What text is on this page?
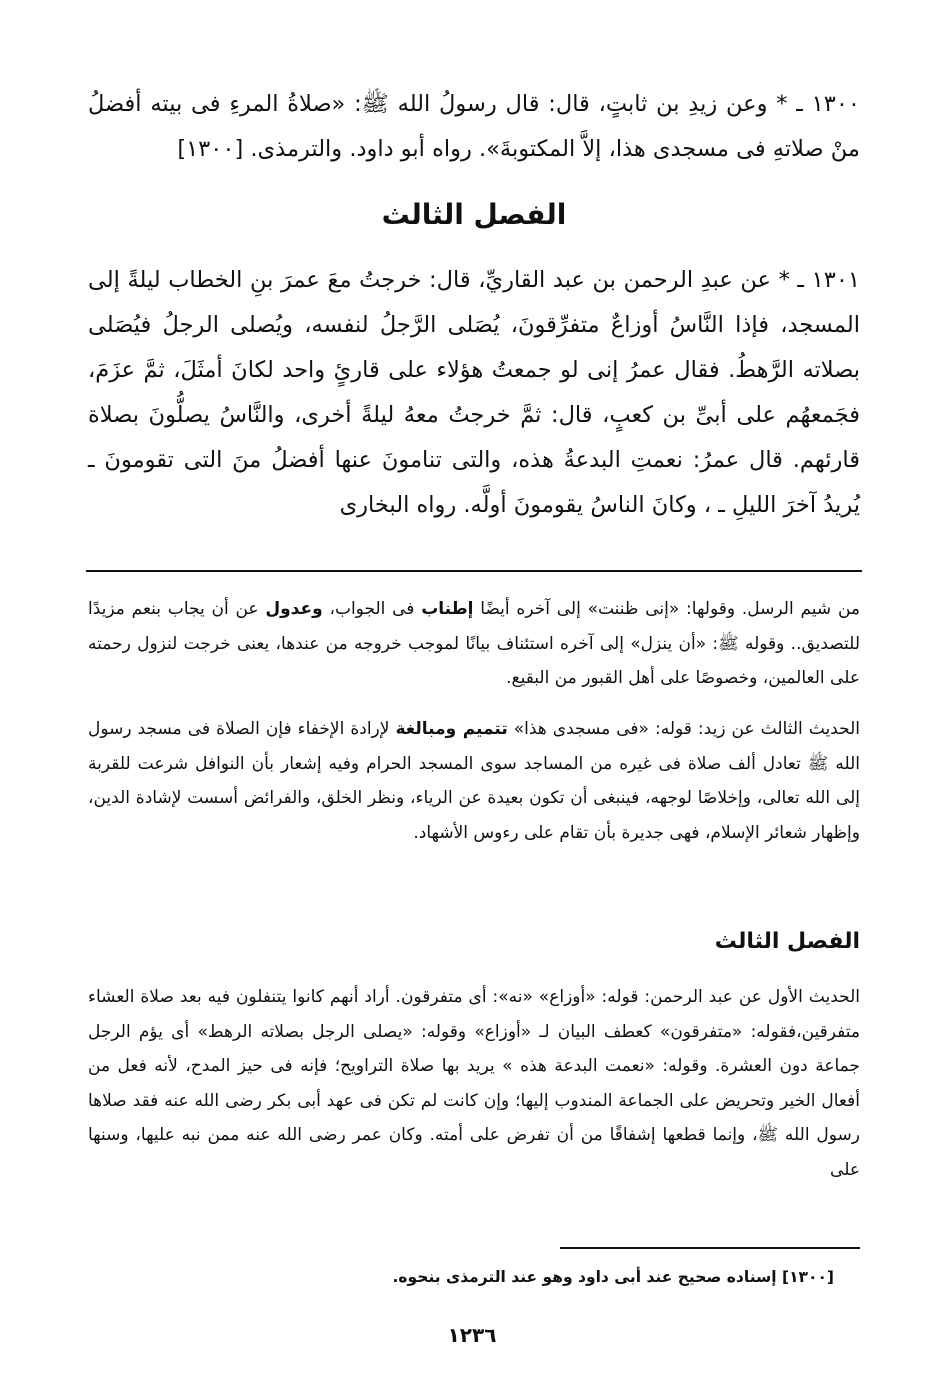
١٣٠٠ ـ * وعن زيدِ بن ثابتٍ، قال: قال رسولُ الله ﷺ: «صلاةُ المرءِ فى بيته أفضلُ منْ صلاتهِ فى مسجدى هذا، إلاَّ المكتوبةَ». رواه أبو داود. والترمذى. [١٣٠٠]

الفصل الثالث

١٣٠١ ـ * عن عبدِ الرحمن بن عبد القاريِّ، قال: خرجتُ معَ عمرَ بنِ الخطاب ليلةً إلى المسجد، فإذا النَّاسُ أوزاعٌ متفرِّقونَ، يُصَلى الرَّجلُ لنفسه، ويُصلى الرجلُ فيُصَلى بصلاته الرَّهطُ. فقال عمرُ إنى لو جمعتُ هؤلاء على قارئٍ واحد لكانَ أمثَلَ، ثمَّ عزَمَ، فجَمعهُم على أبىِّ بن كعبٍ، قال: ثمَّ خرجتُ معهُ ليلةً أخرى، والنَّاسُ يصلُّونَ بصلاة قارئهم. قال عمرُ: نعمتِ البدعةُ هذه، والتى تنامونَ عنها أفضلُ منَ التى تقومونَ ـ يُريدُ آخرَ الليلِ ـ ، وكانَ الناسُ يقومونَ أولَّه. رواه البخارى

من شيم الرسل. وقولها: «إنى ظننت» إلى آخره أيضًا إطناب فى الجواب، وعدول عن أن يجاب بنعم مزيدًا للتصديق.. وقوله ﷺ: «أن ينزل» إلى آخره استئناف بيانًا لموجب خروجه من عندها، يعنى خرجت لنزول رحمته على العالمين، وخصوصًا على أهل القبور من البقيع.

الحديث الثالث عن زيد: قوله: «فى مسجدى هذا» تتميم ومبالغة لإرادة الإخفاء فإن الصلاة فى مسجد رسول الله ﷺ تعادل ألف صلاة فى غيره من المساجد سوى المسجد الحرام وفيه إشعار بأن النوافل شرعت للقربة إلى الله تعالى، وإخلاصًا لوجهه، فينبغى أن تكون بعيدة عن الرياء، ونظر الخلق، والفرائض أسست لإشادة الدين، وإظهار شعائر الإسلام، فهى جديرة بأن تقام على رءوس الأشهاد.

الفصل الثالث

الحديث الأول عن عبد الرحمن: قوله: «أوزاع» «نه»: أى متفرقون. أراد أنهم كانوا يتنفلون فيه بعد صلاة العشاء متفرقين،فقوله: «متفرقون» كعطف البيان لـ «أوزاع» وقوله: «يصلى الرجل بصلاته الرهط» أى يؤم الرجل جماعة دون العشرة. وقوله: «نعمت البدعة هذه » يريد بها صلاة التراويح؛ فإنه فى حيز المدح، لأنه فعل من أفعال الخير وتحريض على الجماعة المندوب إليها؛ وإن كانت لم تكن فى عهد أبى بكر رضى الله عنه فقد صلاها رسول الله ﷺ، وإنما قطعها إشفاقًا من أن تفرض على أمته. وكان عمر رضى الله عنه ممن نبه عليها، وسنها على

[١٣٠٠] إسناده صحيح عند أبى داود وهو عند الترمذى بنحوه.
١٢٣٦
